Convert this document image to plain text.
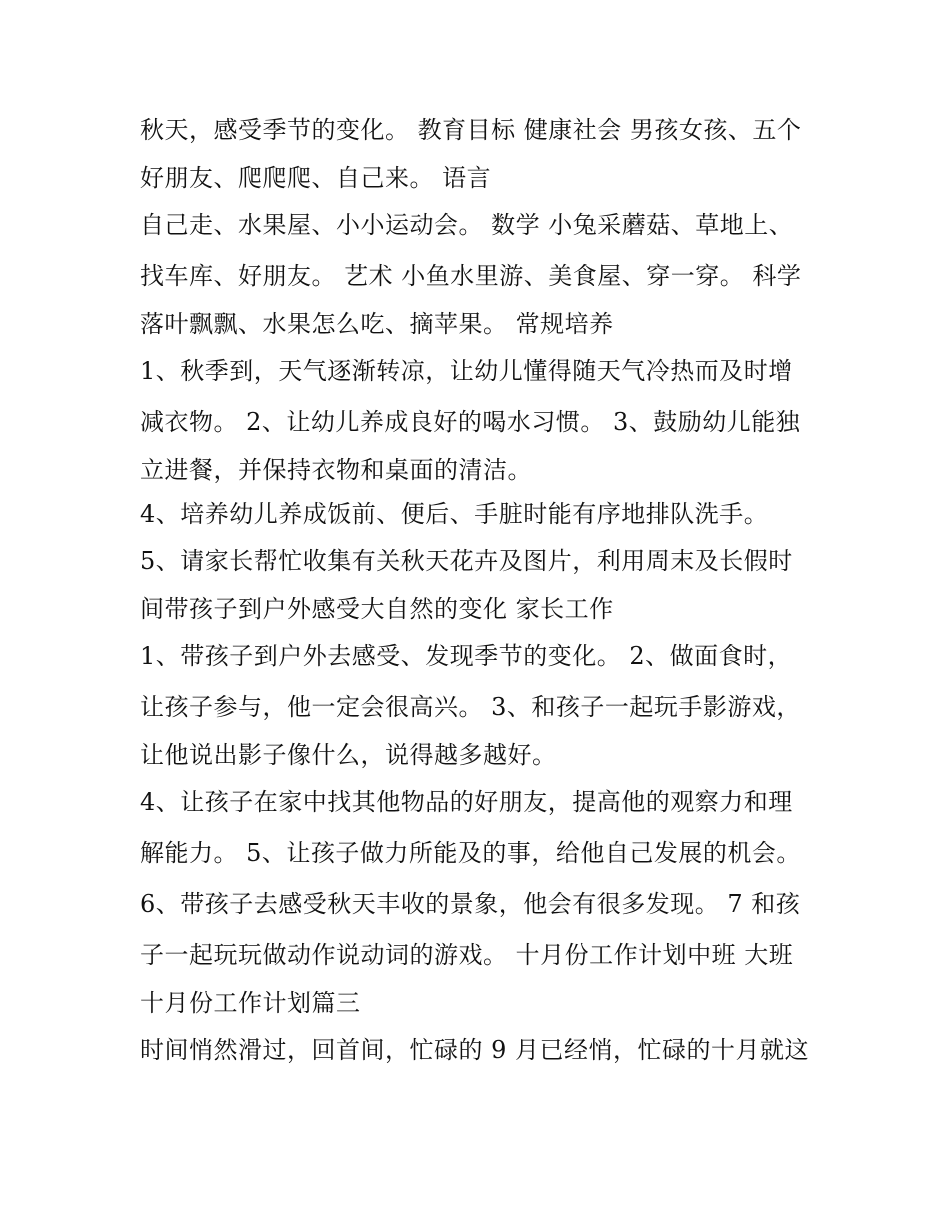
秋天，感受季节的变化。 教育目标 健康社会 男孩女孩、五个

好朋友、爬爬爬、自己来。 语言

自己走、水果屋、小小运动会。 数学 小兔采蘑菇、草地上、

找车库、好朋友。 艺术 小鱼水里游、美食屋、穿一穿。 科学

落叶飘飘、水果怎么吃、摘苹果。 常规培养

1、秋季到，天气逐渐转凉，让幼儿懂得随天气冷热而及时增

减衣物。 2、让幼儿养成良好的喝水习惯。 3、鼓励幼儿能独

立进餐，并保持衣物和桌面的清洁。

4、培养幼儿养成饭前、便后、手脏时能有序地排队洗手。

5、请家长帮忙收集有关秋天花卉及图片，利用周末及长假时

间带孩子到户外感受大自然的变化 家长工作

1、带孩子到户外去感受、发现季节的变化。 2、做面食时，

让孩子参与，他一定会很高兴。 3、和孩子一起玩手影游戏，

让他说出影子像什么，说得越多越好。

4、让孩子在家中找其他物品的好朋友，提高他的观察力和理

解能力。 5、让孩子做力所能及的事，给他自己发展的机会。

6、带孩子去感受秋天丰收的景象，他会有很多发现。 7 和孩

子一起玩玩做动作说动词的游戏。 十月份工作计划中班 大班

十月份工作计划篇三

时间悄然滑过，回首间，忙碌的 9 月已经悄，忙碌的十月就这
